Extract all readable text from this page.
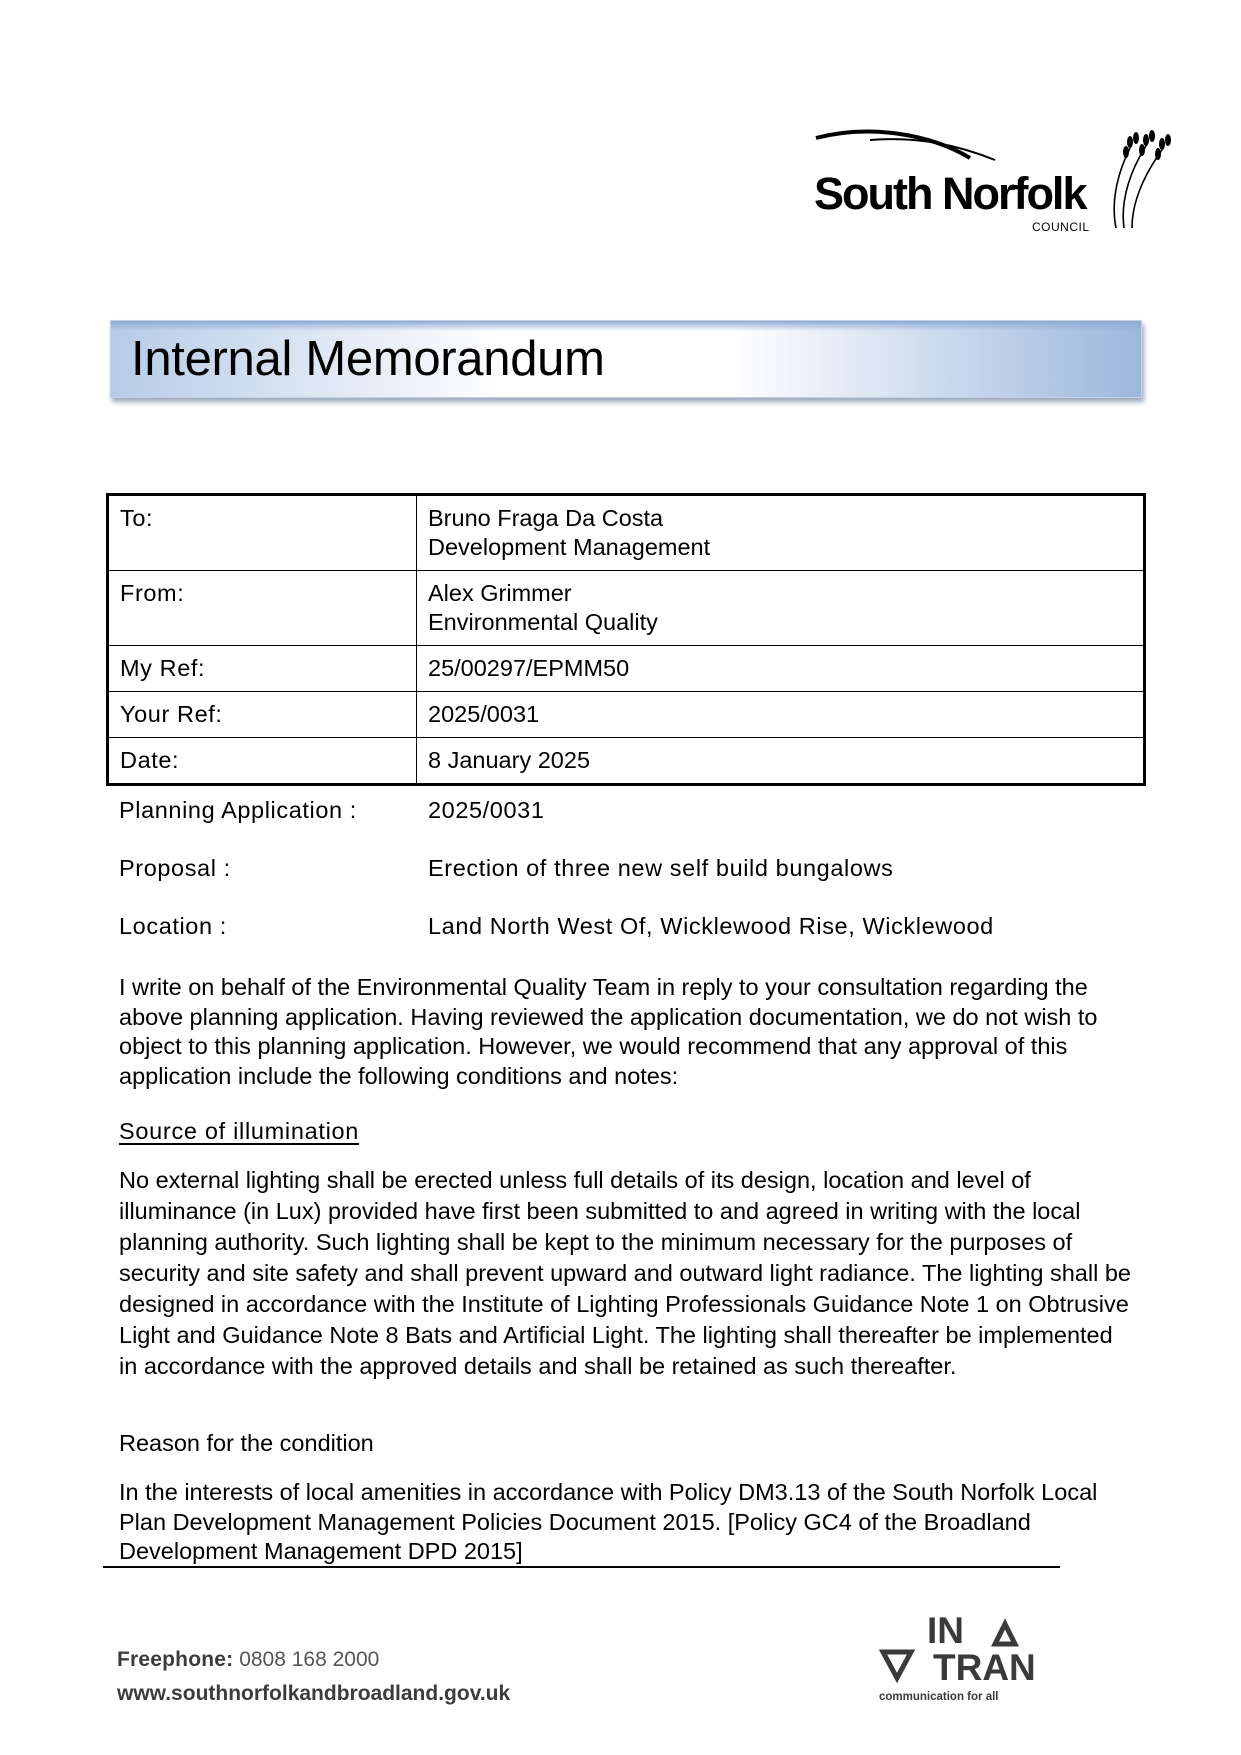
South Norfolk
COUNCIL
Internal Memorandum
To:	Bruno Fraga Da Costa
Development Management

From:	Alex Grimmer
Environmental Quality

My Ref:	25/00297/EPMM50
Your Ref:	2025/0031
Date:	8 January 2025
Planning Application :	2025/0031
Proposal :	Erection of three new self build bungalows
Location :	Land North West Of, Wicklewood Rise, Wicklewood

I write on behalf of the Environmental Quality Team in reply to your consultation regarding the above planning application. Having reviewed the application documentation, we do not wish to object to this planning application. However, we would recommend that any approval of this application include the following conditions and notes:

Source of illumination

No external lighting shall be erected unless full details of its design, location and level of illuminance (in Lux) provided have first been submitted to and agreed in writing with the local planning authority. Such lighting shall be kept to the minimum necessary for the purposes of security and site safety and shall prevent upward and outward light radiance. The lighting shall be designed in accordance with the Institute of Lighting Professionals Guidance Note 1 on Obtrusive Light and Guidance Note 8 Bats and Artificial Light. The lighting shall thereafter be implemented in accordance with the approved details and shall be retained as such thereafter.

Reason for the condition

In the interests of local amenities in accordance with Policy DM3.13 of the South Norfolk Local Plan Development Management Policies Document 2015. [Policy GC4 of the Broadland Development Management DPD 2015]

Freephone: 0808 168 2000
www.southnorfolkandbroadland.gov.uk
IN
TRAN
communication for all
